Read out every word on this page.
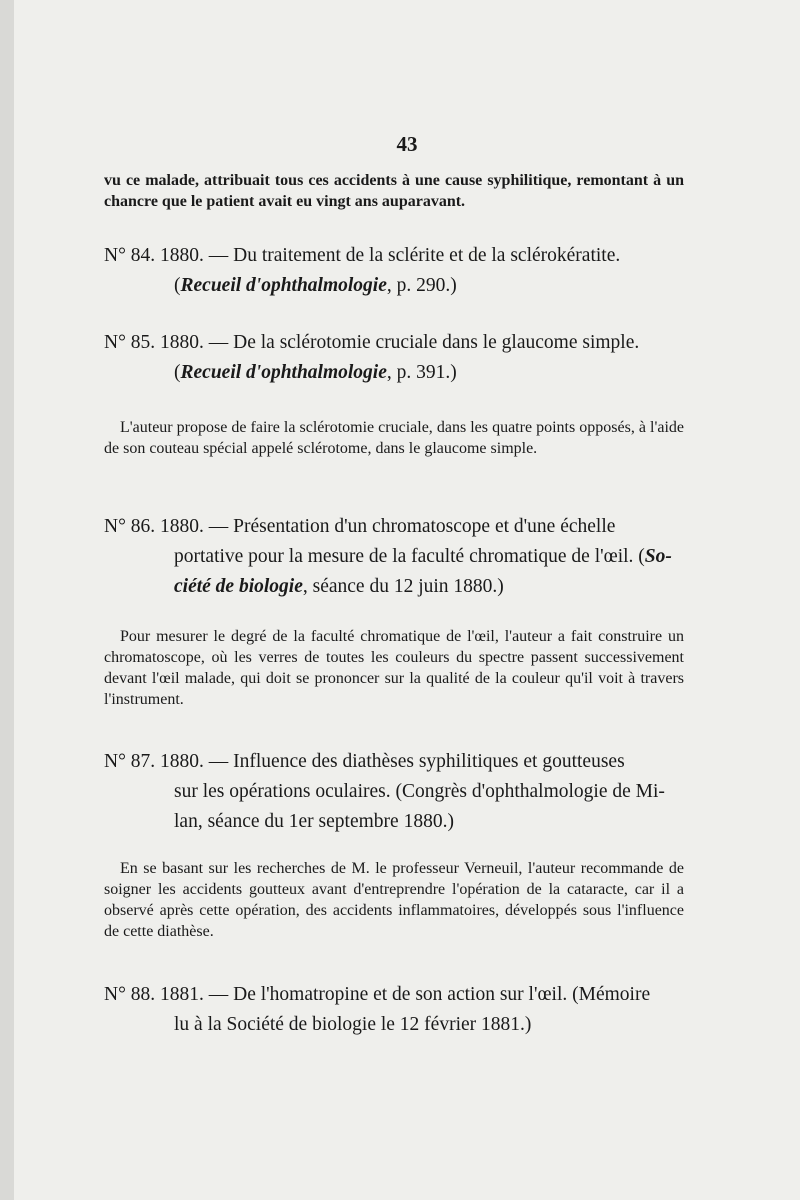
43
vu ce malade, attribuait tous ces accidents à une cause syphilitique, remontant à un chancre que le patient avait eu vingt ans auparavant.
N° 84. 1880. — Du traitement de la sclérite et de la sclérokératite.
(Recueil d'ophthalmologie, p. 290.)
N° 85. 1880. — De la sclérotomie cruciale dans le glaucome simple.
(Recueil d'ophthalmologie, p. 391.)
L'auteur propose de faire la sclérotomie cruciale, dans les quatre points opposés, à l'aide de son couteau spécial appelé sclérotome, dans le glaucome simple.
N° 86. 1880. — Présentation d'un chromatoscope et d'une échelle
portative pour la mesure de la faculté chromatique de l'œil. (So-
ciété de biologie, séance du 12 juin 1880.)
Pour mesurer le degré de la faculté chromatique de l'œil, l'auteur a fait construire un chromatoscope, où les verres de toutes les couleurs du spectre passent successivement devant l'œil malade, qui doit se prononcer sur la qualité de la couleur qu'il voit à travers l'instrument.
N° 87. 1880. — Influence des diathèses syphilitiques et goutteuses
sur les opérations oculaires. (Congrès d'ophthalmologie de Mi-
lan, séance du 1er septembre 1880.)
En se basant sur les recherches de M. le professeur Verneuil, l'auteur recommande de soigner les accidents goutteux avant d'entreprendre l'opération de la cataracte, car il a observé après cette opération, des accidents inflammatoires, développés sous l'influence de cette diathèse.
N° 88. 1881. — De l'homatropine et de son action sur l'œil. (Mémoire
lu à la Société de biologie le 12 février 1881.)
